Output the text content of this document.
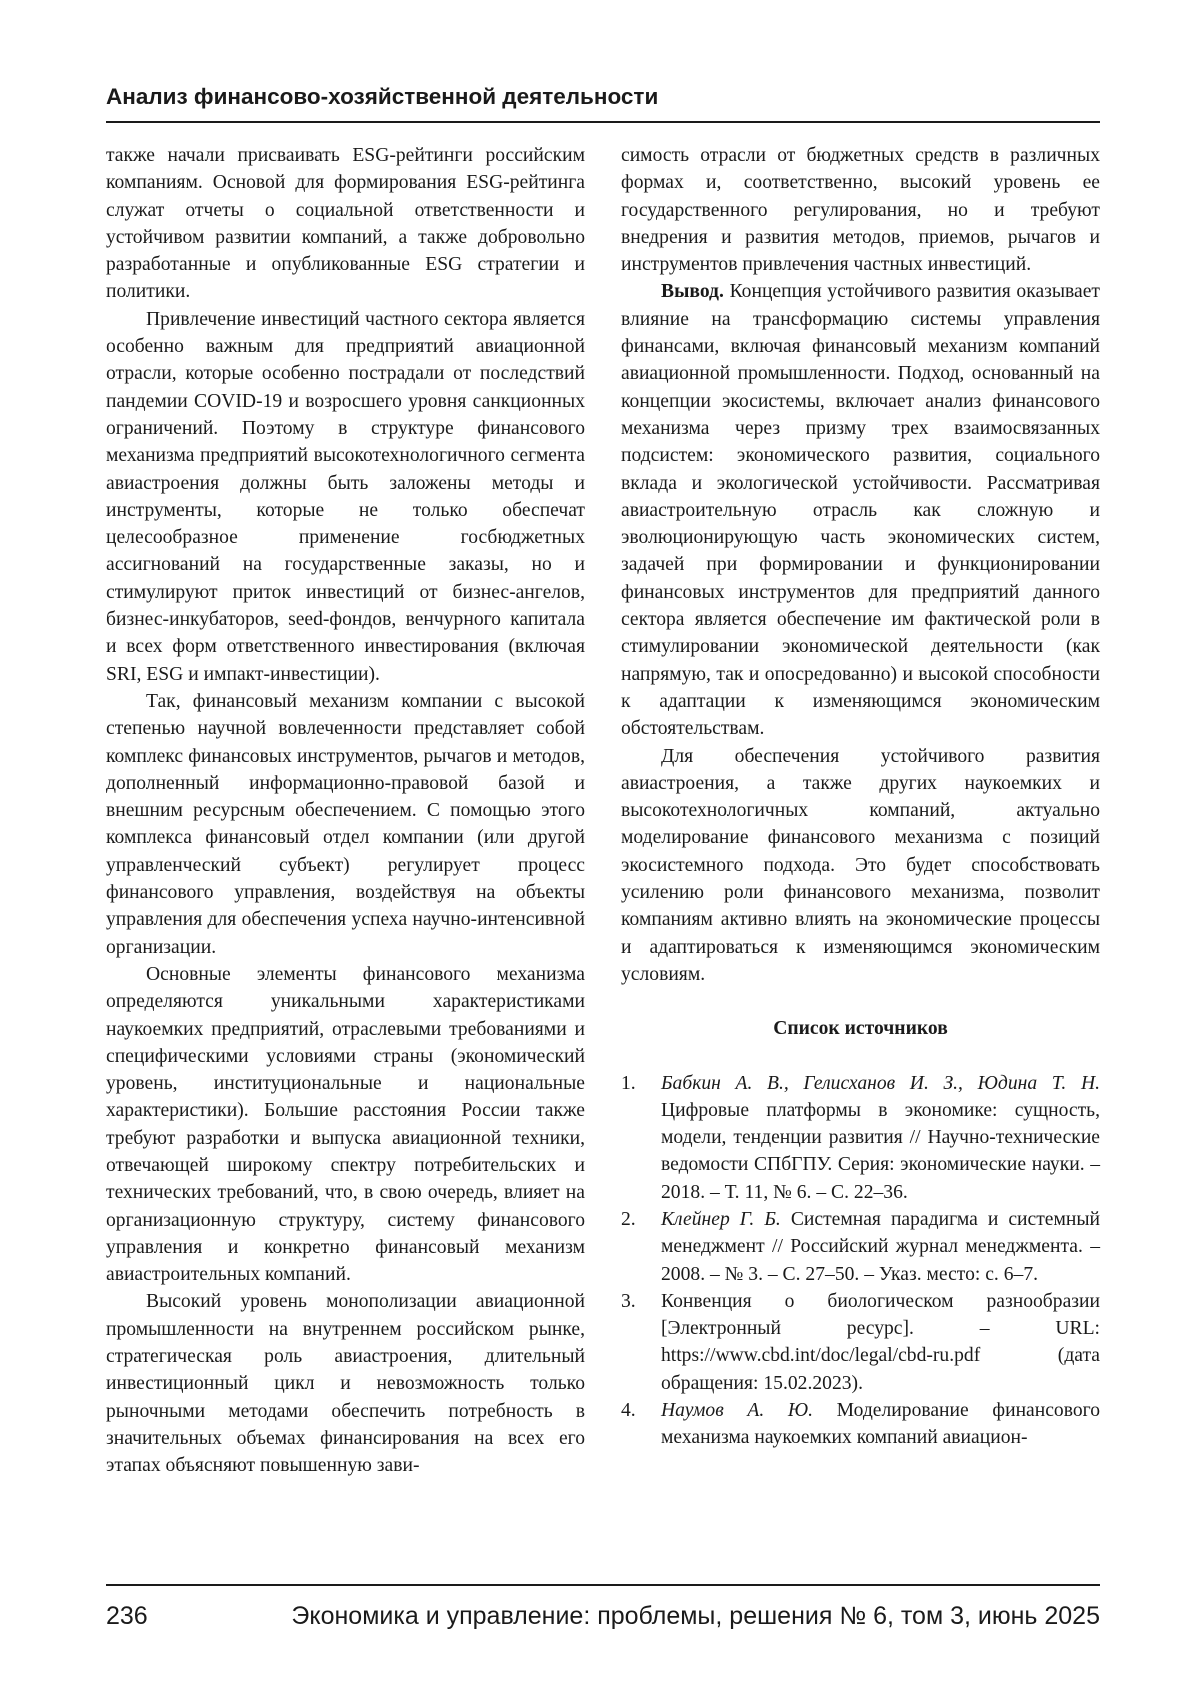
Анализ финансово-хозяйственной деятельности

также начали присваивать ESG-рейтинги российским компаниям. Основой для формирования ESG-рейтинга служат отчеты о социальной ответственности и устойчивом развитии компаний, а также добровольно разработанные и опубликованные ESG стратегии и политики.

Привлечение инвестиций частного сектора является особенно важным для предприятий авиационной отрасли, которые особенно пострадали от последствий пандемии COVID-19 и возросшего уровня санкционных ограничений. Поэтому в структуре финансового механизма предприятий высокотехнологичного сегмента авиастроения должны быть заложены методы и инструменты, которые не только обеспечат целесообразное применение госбюджетных ассигнований на государственные заказы, но и стимулируют приток инвестиций от бизнес-ангелов, бизнес-инкубаторов, seed-фондов, венчурного капитала и всех форм ответственного инвестирования (включая SRI, ESG и импакт-инвестиции).

Так, финансовый механизм компании с высокой степенью научной вовлеченности представляет собой комплекс финансовых инструментов, рычагов и методов, дополненный информационно-правовой базой и внешним ресурсным обеспечением. С помощью этого комплекса финансовый отдел компании (или другой управленческий субъект) регулирует процесс финансового управления, воздействуя на объекты управления для обеспечения успеха научно-интенсивной организации.

Основные элементы финансового механизма определяются уникальными характеристиками наукоемких предприятий, отраслевыми требованиями и специфическими условиями страны (экономический уровень, институциональные и национальные характеристики). Большие расстояния России также требуют разработки и выпуска авиационной техники, отвечающей широкому спектру потребительских и технических требований, что, в свою очередь, влияет на организационную структуру, систему финансового управления и конкретно финансовый механизм авиастроительных компаний.

Высокий уровень монополизации авиационной промышленности на внутреннем российском рынке, стратегическая роль авиастроения, длительный инвестиционный цикл и невозможность только рыночными методами обеспечить потребность в значительных объемах финансирования на всех его этапах объясняют повышенную зави-

симость отрасли от бюджетных средств в различных формах и, соответственно, высокий уровень ее государственного регулирования, но и требуют внедрения и развития методов, приемов, рычагов и инструментов привлечения частных инвестиций.

Вывод. Концепция устойчивого развития оказывает влияние на трансформацию системы управления финансами, включая финансовый механизм компаний авиационной промышленности. Подход, основанный на концепции экосистемы, включает анализ финансового механизма через призму трех взаимосвязанных подсистем: экономического развития, социального вклада и экологической устойчивости. Рассматривая авиастроительную отрасль как сложную и эволюционирующую часть экономических систем, задачей при формировании и функционировании финансовых инструментов для предприятий данного сектора является обеспечение им фактической роли в стимулировании экономической деятельности (как напрямую, так и опосредованно) и высокой способности к адаптации к изменяющимся экономическим обстоятельствам.

Для обеспечения устойчивого развития авиастроения, а также других наукоемких и высокотехнологичных компаний, актуально моделирование финансового механизма с позиций экосистемного подхода. Это будет способствовать усилению роли финансового механизма, позволит компаниям активно влиять на экономические процессы и адаптироваться к изменяющимся экономическим условиям.

Список источников
1.	Бабкин А. В., Гелисханов И. З., Юдина Т. Н. Цифровые платформы в экономике: сущность, модели, тенденции развития // Научно-технические ведомости СПбГПУ. Серия: экономические науки. – 2018. – Т. 11, № 6. – С. 22–36.
2.	Клейнер Г. Б. Системная парадигма и системный менеджмент // Российский журнал менеджмента. – 2008. – № 3. – С. 27–50. – Указ. место: с. 6–7.
3.	Конвенция о биологическом разнообразии [Электронный ресурс]. – URL: https://www.cbd.int/doc/legal/cbd-ru.pdf (дата обращения: 15.02.2023).
4.	Наумов А. Ю. Моделирование финансового механизма наукоемких компаний авиацион-
236	Экономика и управление: проблемы, решения № 6, том 3, июнь 2025
